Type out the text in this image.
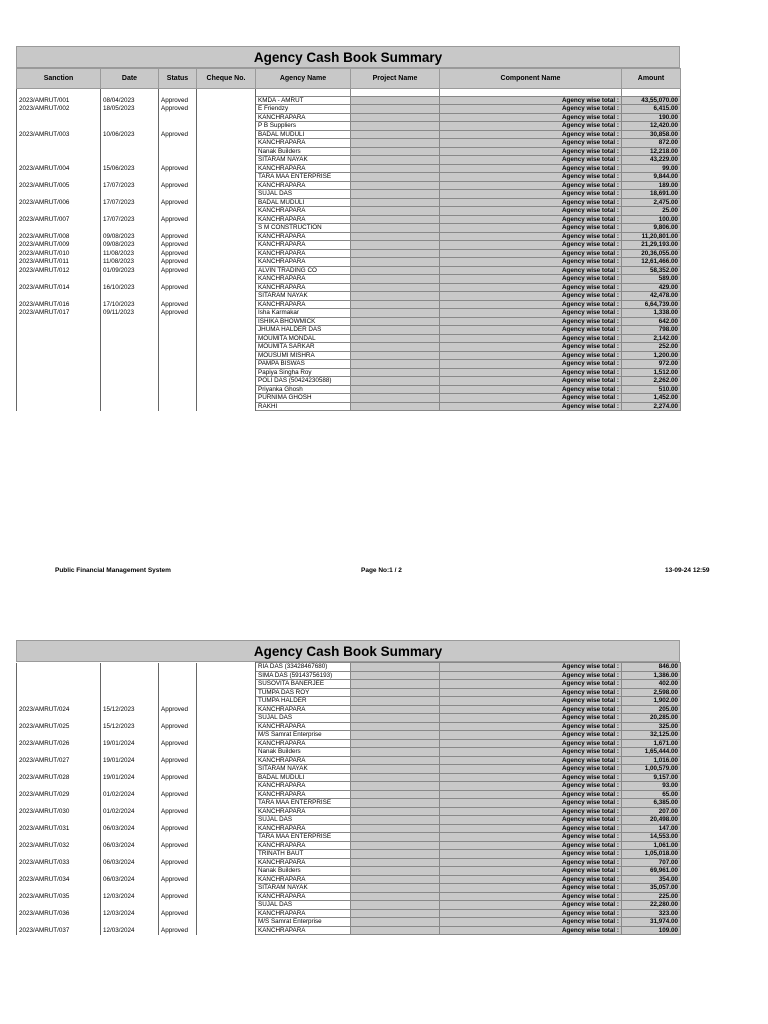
Agency Cash Book Summary
Sanction	Date	Status	Cheque No.	Agency Name	Project Name	Component Name	Amount

2023/AMRUT/001	08/04/2023	Approved		KMDA - AMRUT		Agency wise total :	43,55,070.00
2023/AMRUT/002	18/05/2023	Approved		E Friendzy		Agency wise total :	6,415.00
				KANCHRAPARA		Agency wise total :	190.00
				P B Suppliers		Agency wise total :	12,420.00
2023/AMRUT/003	10/06/2023	Approved		BADAL MUDULI		Agency wise total :	30,858.00
				KANCHRAPARA		Agency wise total :	872.00
				Nanak Builders		Agency wise total :	12,218.00
				SITARAM NAYAK		Agency wise total :	43,229.00
2023/AMRUT/004	15/06/2023	Approved		KANCHRAPARA		Agency wise total :	99.00
				TARA MAA ENTERPRISE		Agency wise total :	9,844.00
2023/AMRUT/005	17/07/2023	Approved		KANCHRAPARA		Agency wise total :	189.00
				SUJAL DAS		Agency wise total :	18,691.00
2023/AMRUT/006	17/07/2023	Approved		BADAL MUDULI		Agency wise total :	2,475.00
				KANCHRAPARA		Agency wise total :	25.00
2023/AMRUT/007	17/07/2023	Approved		KANCHRAPARA		Agency wise total :	100.00
				S M CONSTRUCTION		Agency wise total :	9,806.00
2023/AMRUT/008	09/08/2023	Approved		KANCHRAPARA		Agency wise total :	11,20,801.00
2023/AMRUT/009	09/08/2023	Approved		KANCHRAPARA		Agency wise total :	21,29,193.00
2023/AMRUT/010	11/08/2023	Approved		KANCHRAPARA		Agency wise total :	20,36,055.00
2023/AMRUT/011	11/08/2023	Approved		KANCHRAPARA		Agency wise total :	12,61,466.00
2023/AMRUT/012	01/09/2023	Approved		ALVIN TRADING CO		Agency wise total :	58,352.00
				KANCHRAPARA		Agency wise total :	589.00
2023/AMRUT/014	16/10/2023	Approved		KANCHRAPARA		Agency wise total :	429.00
				SITARAM NAYAK		Agency wise total :	42,478.00
2023/AMRUT/016	17/10/2023	Approved		KANCHRAPARA		Agency wise total :	6,64,739.00
2023/AMRUT/017	09/11/2023	Approved		Isha Karmakar		Agency wise total :	1,338.00
				ISHIKA BHOWMICK		Agency wise total :	642.00
				JHUMA HALDER DAS		Agency wise total :	798.00
				MOUMITA MONDAL		Agency wise total :	2,142.00
				MOUMITA SARKAR		Agency wise total :	252.00
				MOUSUMI MISHRA		Agency wise total :	1,200.00
				PAMPA BISWAS		Agency wise total :	972.00
				Papiya Singha Roy		Agency wise total :	1,512.00
				POLI DAS (50424230588)		Agency wise total :	2,262.00
				Priyanka Ghosh		Agency wise total :	510.00
				PURNIMA GHOSH		Agency wise total :	1,452.00
				RAKHI		Agency wise total :	2,274.00
Public Financial Management System	Page No:1 / 2	13-09-24 12:59
Agency Cash Book Summary
				RIA DAS (33428467680)		Agency wise total :	846.00
				SIMA DAS (59143756193)		Agency wise total :	1,386.00
				SUSOVITA BANERJEE		Agency wise total :	402.00
				TUMPA DAS ROY		Agency wise total :	2,598.00
				TUMPA HALDER		Agency wise total :	1,902.00
2023/AMRUT/024	15/12/2023	Approved		KANCHRAPARA		Agency wise total :	205.00
				SUJAL DAS		Agency wise total :	20,285.00
2023/AMRUT/025	15/12/2023	Approved		KANCHRAPARA		Agency wise total :	325.00
				M/S Samrat Enterprise		Agency wise total :	32,125.00
2023/AMRUT/026	19/01/2024	Approved		KANCHRAPARA		Agency wise total :	1,671.00
				Nanak Builders		Agency wise total :	1,65,444.00
2023/AMRUT/027	19/01/2024	Approved		KANCHRAPARA		Agency wise total :	1,016.00
				SITARAM NAYAK		Agency wise total :	1,00,579.00
2023/AMRUT/028	19/01/2024	Approved		BADAL MUDULI		Agency wise total :	9,157.00
				KANCHRAPARA		Agency wise total :	93.00
2023/AMRUT/029	01/02/2024	Approved		KANCHRAPARA		Agency wise total :	65.00
				TARA MAA ENTERPRISE		Agency wise total :	6,385.00
2023/AMRUT/030	01/02/2024	Approved		KANCHRAPARA		Agency wise total :	207.00
				SUJAL DAS		Agency wise total :	20,498.00
2023/AMRUT/031	06/03/2024	Approved		KANCHRAPARA		Agency wise total :	147.00
				TARA MAA ENTERPRISE		Agency wise total :	14,553.00
2023/AMRUT/032	06/03/2024	Approved		KANCHRAPARA		Agency wise total :	1,061.00
				TRINATH BAUT		Agency wise total :	1,05,018.00
2023/AMRUT/033	06/03/2024	Approved		KANCHRAPARA		Agency wise total :	707.00
				Nanak Builders		Agency wise total :	69,961.00
2023/AMRUT/034	06/03/2024	Approved		KANCHRAPARA		Agency wise total :	354.00
				SITARAM NAYAK		Agency wise total :	35,057.00
2023/AMRUT/035	12/03/2024	Approved		KANCHRAPARA		Agency wise total :	225.00
				SUJAL DAS		Agency wise total :	22,280.00
2023/AMRUT/036	12/03/2024	Approved		KANCHRAPARA		Agency wise total :	323.00
				M/S Samrat Enterprise		Agency wise total :	31,974.00
2023/AMRUT/037	12/03/2024	Approved		KANCHRAPARA		Agency wise total :	109.00
